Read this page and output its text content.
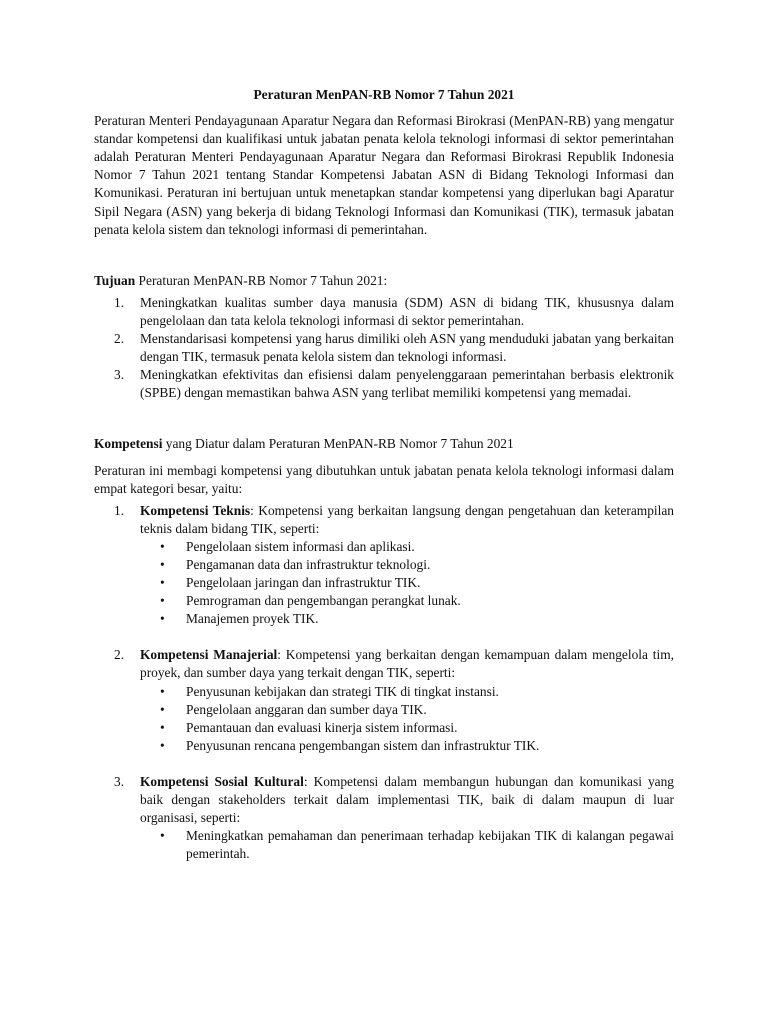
Peraturan MenPAN-RB Nomor 7 Tahun 2021

Peraturan Menteri Pendayagunaan Aparatur Negara dan Reformasi Birokrasi (MenPAN-RB) yang mengatur standar kompetensi dan kualifikasi untuk jabatan penata kelola teknologi informasi di sektor pemerintahan adalah Peraturan Menteri Pendayagunaan Aparatur Negara dan Reformasi Birokrasi Republik Indonesia Nomor 7 Tahun 2021 tentang Standar Kompetensi Jabatan ASN di Bidang Teknologi Informasi dan Komunikasi. Peraturan ini bertujuan untuk menetapkan standar kompetensi yang diperlukan bagi Aparatur Sipil Negara (ASN) yang bekerja di bidang Teknologi Informasi dan Komunikasi (TIK), termasuk jabatan penata kelola sistem dan teknologi informasi di pemerintahan.

Tujuan Peraturan MenPAN-RB Nomor 7 Tahun 2021:
1. Meningkatkan kualitas sumber daya manusia (SDM) ASN di bidang TIK, khususnya dalam pengelolaan dan tata kelola teknologi informasi di sektor pemerintahan.
2. Menstandarisasi kompetensi yang harus dimiliki oleh ASN yang menduduki jabatan yang berkaitan dengan TIK, termasuk penata kelola sistem dan teknologi informasi.
3. Meningkatkan efektivitas dan efisiensi dalam penyelenggaraan pemerintahan berbasis elektronik (SPBE) dengan memastikan bahwa ASN yang terlibat memiliki kompetensi yang memadai.
Kompetensi yang Diatur dalam Peraturan MenPAN-RB Nomor 7 Tahun 2021

Peraturan ini membagi kompetensi yang dibutuhkan untuk jabatan penata kelola teknologi informasi dalam empat kategori besar, yaitu:

1. Kompetensi Teknis: Kompetensi yang berkaitan langsung dengan pengetahuan dan keterampilan teknis dalam bidang TIK, seperti:
• Pengelolaan sistem informasi dan aplikasi.
• Pengamanan data dan infrastruktur teknologi.
• Pengelolaan jaringan dan infrastruktur TIK.
• Pemrograman dan pengembangan perangkat lunak.
• Manajemen proyek TIK.
2. Kompetensi Manajerial: Kompetensi yang berkaitan dengan kemampuan dalam mengelola tim, proyek, dan sumber daya yang terkait dengan TIK, seperti:
• Penyusunan kebijakan dan strategi TIK di tingkat instansi.
• Pengelolaan anggaran dan sumber daya TIK.
• Pemantauan dan evaluasi kinerja sistem informasi.
• Penyusunan rencana pengembangan sistem dan infrastruktur TIK.
3. Kompetensi Sosial Kultural: Kompetensi dalam membangun hubungan dan komunikasi yang baik dengan stakeholders terkait dalam implementasi TIK, baik di dalam maupun di luar organisasi, seperti:
• Meningkatkan pemahaman dan penerimaan terhadap kebijakan TIK di kalangan pegawai pemerintah.
